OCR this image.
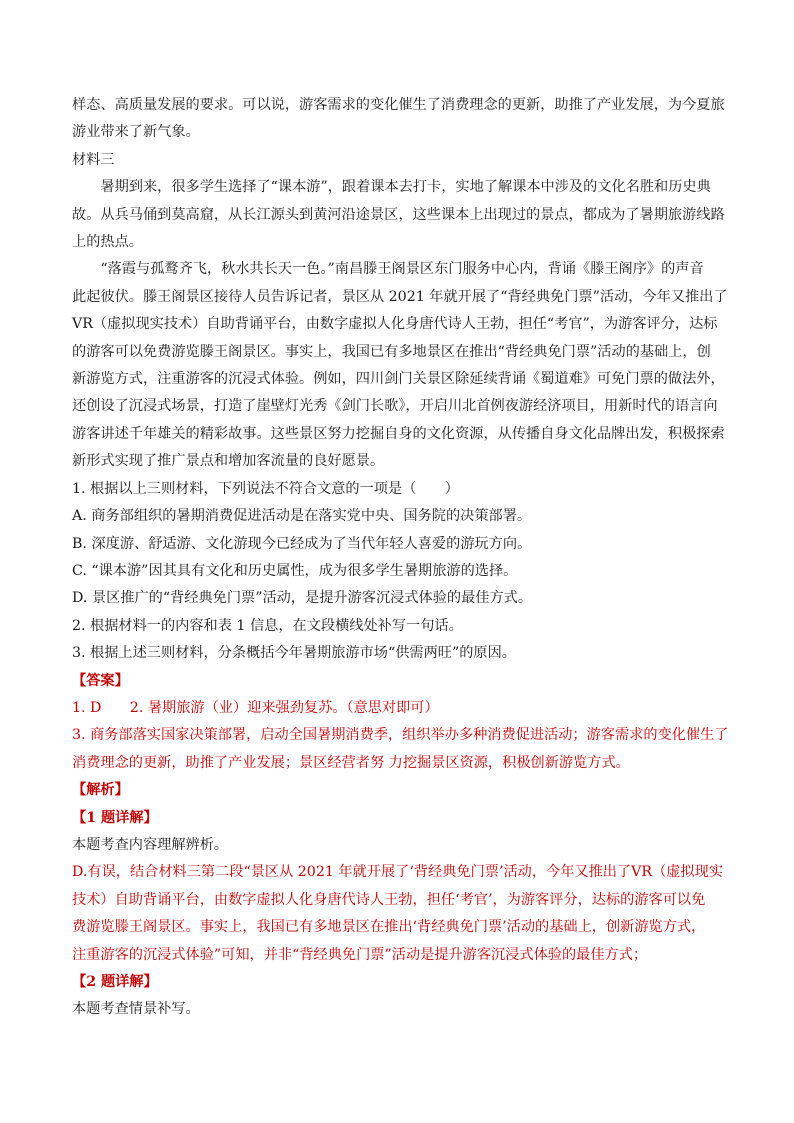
样态、高质量发展的要求。可以说，游客需求的变化催生了消费理念的更新，助推了产业发展，为今夏旅
游业带来了新气象。
材料三
暑期到来，很多学生选择了“课本游”，跟着课本去打卡，实地了解课本中涉及的文化名胜和历史典
故。从兵马俑到莫高窟，从长江源头到黄河沿途景区，这些课本上出现过的景点，都成为了暑期旅游线路
上的热点。
“落霞与孤鹜齐飞，秋水共长天一色。”南昌滕王阁景区东门服务中心内，背诵《滕王阁序》的声音
此起彼伏。滕王阁景区接待人员告诉记者，景区从 2021 年就开展了“背经典免门票”活动，今年又推出了
VR（虚拟现实技术）自助背诵平台，由数字虚拟人化身唐代诗人王勃，担任“考官”，为游客评分，达标
的游客可以免费游览滕王阁景区。事实上，我国已有多地景区在推出“背经典免门票”活动的基础上，创
新游览方式，注重游客的沉浸式体验。例如，四川剑门关景区除延续背诵《蜀道难》可免门票的做法外，
还创设了沉浸式场景，打造了崖壁灯光秀《剑门长歌》，开启川北首例夜游经济项目，用新时代的语言向
游客讲述千年雄关的精彩故事。这些景区努力挖掘自身的文化资源，从传播自身文化品牌出发，积极探索
新形式实现了推广景点和增加客流量的良好愿景。
1. 根据以上三则材料，下列说法不符合文意的一项是（　　）
A. 商务部组织的暑期消费促进活动是在落实党中央、国务院的决策部署。
B. 深度游、舒适游、文化游现今已经成为了当代年轻人喜爱的游玩方向。
C. “课本游”因其具有文化和历史属性，成为很多学生暑期旅游的选择。
D. 景区推广的“背经典免门票”活动，是提升游客沉浸式体验的最佳方式。
2. 根据材料一的内容和表 1 信息，在文段横线处补写一句话。
3. 根据上述三则材料，分条概括今年暑期旅游市场“供需两旺”的原因。
【答案】
1. D　　2. 暑期旅游（业）迎来强劲复苏。（意思对即可）
3. 商务部落实国家决策部署，启动全国暑期消费季，组织举办多种消费促进活动；游客需求的变化催生了
消费理念的更新，助推了产业发展；景区经营者努 力挖掘景区资源，积极创新游览方式。
【解析】
【1 题详解】
本题考查内容理解辨析。
D.有误，结合材料三第二段“景区从 2021 年就开展了‘背经典免门票’活动，今年又推出了VR（虚拟现实
技术）自助背诵平台，由数字虚拟人化身唐代诗人王勃，担任‘考官’，为游客评分，达标的游客可以免
费游览滕王阁景区。事实上，我国已有多地景区在推出‘背经典免门票’活动的基础上，创新游览方式，
注重游客的沉浸式体验”可知，并非“背经典免门票”活动是提升游客沉浸式体验的最佳方式；
【2 题详解】
本题考查情景补写。
